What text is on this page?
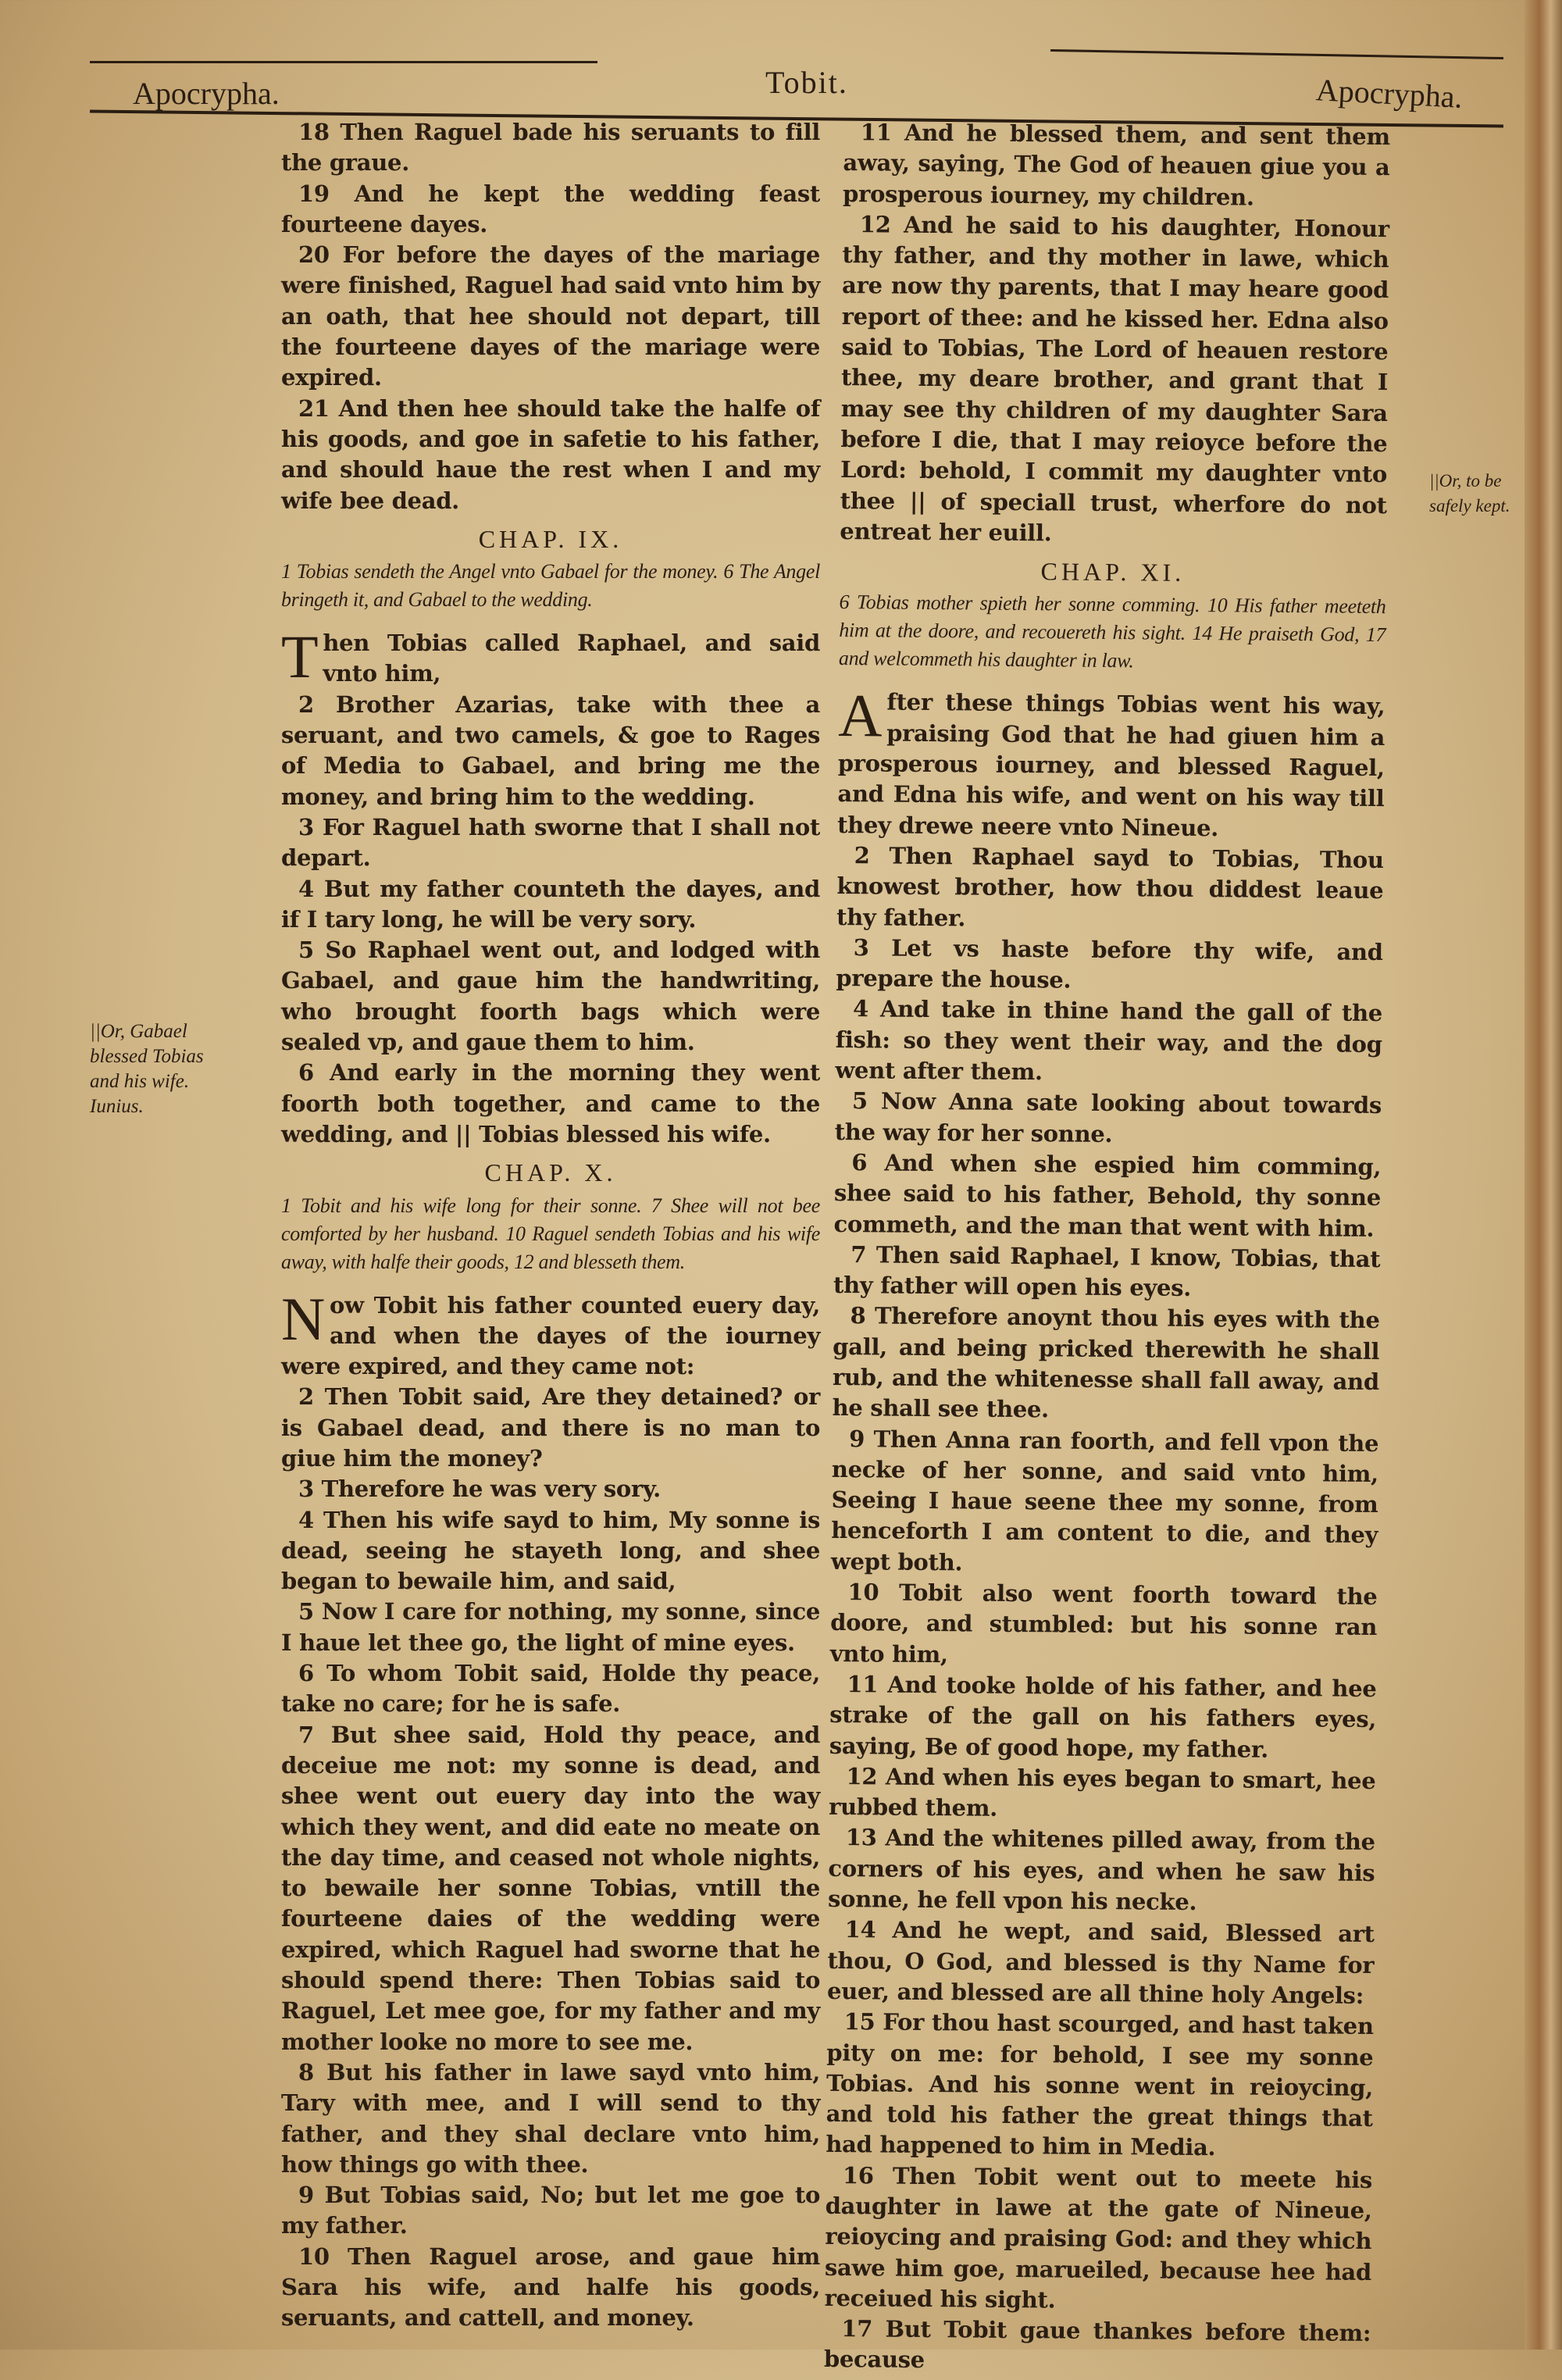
Apocrypha.	Tobit.	Apocrypha.
||Or, Gabael blessed Tobias and his wife. Iunius.
||Or, to be safely kept.

18 Then Raguel bade his seruants to fill the graue.

19 And he kept the wedding feast fourteene dayes.

20 For before the dayes of the mariage were finished, Raguel had said vnto him by an oath, that hee should not depart, till the fourteene dayes of the mariage were expired.

21 And then hee should take the halfe of his goods, and goe in safetie to his father, and should haue the rest when I and my wife bee dead.

CHAP. IX.
1 Tobias sendeth the Angel vnto Gabael for the money. 6 The Angel bringeth it, and Gabael to the wedding.

Then Tobias called Raphael, and said vnto him,

2 Brother Azarias, take with thee a seruant, and two camels, & goe to Rages of Media to Gabael, and bring me the money, and bring him to the wedding.

3 For Raguel hath sworne that I shall not depart.

4 But my father counteth the dayes, and if I tary long, he will be very sory.

5 So Raphael went out, and lodged with Gabael, and gaue him the handwriting, who brought foorth bags which were sealed vp, and gaue them to him.

6 And early in the morning they went foorth both together, and came to the wedding, and || Tobias blessed his wife.

CHAP. X.
1 Tobit and his wife long for their sonne. 7 Shee will not bee comforted by her husband. 10 Raguel sendeth Tobias and his wife away, with halfe their goods, 12 and blesseth them.

Now Tobit his father counted euery day, and when the dayes of the iourney were expired, and they came not:

2 Then Tobit said, Are they detained? or is Gabael dead, and there is no man to giue him the money?

3 Therefore he was very sory.

4 Then his wife sayd to him, My sonne is dead, seeing he stayeth long, and shee began to bewaile him, and said,

5 Now I care for nothing, my sonne, since I haue let thee go, the light of mine eyes.

6 To whom Tobit said, Holde thy peace, take no care; for he is safe.

7 But shee said, Hold thy peace, and deceiue me not: my sonne is dead, and shee went out euery day into the way which they went, and did eate no meate on the day time, and ceased not whole nights, to bewaile her sonne Tobias, vntill the fourteene daies of the wedding were expired, which Raguel had sworne that he should spend there: Then Tobias said to Raguel, Let mee goe, for my father and my mother looke no more to see me.

8 But his father in lawe sayd vnto him, Tary with mee, and I will send to thy father, and they shal declare vnto him, how things go with thee.

9 But Tobias said, No; but let me goe to my father.

10 Then Raguel arose, and gaue him Sara his wife, and halfe his goods, seruants, and cattell, and money.

11 And he blessed them, and sent them away, saying, The God of heauen giue you a prosperous iourney, my children.

12 And he said to his daughter, Honour thy father, and thy mother in lawe, which are now thy parents, that I may heare good report of thee: and he kissed her. Edna also said to Tobias, The Lord of heauen restore thee, my deare brother, and grant that I may see thy children of my daughter Sara before I die, that I may reioyce before the Lord: behold, I commit my daughter vnto thee || of speciall trust, wherfore do not entreat her euill.

CHAP. XI.
6 Tobias mother spieth her sonne comming. 10 His father meeteth him at the doore, and recouereth his sight. 14 He praiseth God, 17 and welcommeth his daughter in law.

After these things Tobias went his way, praising God that he had giuen him a prosperous iourney, and blessed Raguel, and Edna his wife, and went on his way till they drewe neere vnto Nineue.

2 Then Raphael sayd to Tobias, Thou knowest brother, how thou diddest leaue thy father.

3 Let vs haste before thy wife, and prepare the house.

4 And take in thine hand the gall of the fish: so they went their way, and the dog went after them.

5 Now Anna sate looking about towards the way for her sonne.

6 And when she espied him comming, shee said to his father, Behold, thy sonne commeth, and the man that went with him.

7 Then said Raphael, I know, Tobias, that thy father will open his eyes.

8 Therefore anoynt thou his eyes with the gall, and being pricked therewith he shall rub, and the whitenesse shall fall away, and he shall see thee.

9 Then Anna ran foorth, and fell vpon the necke of her sonne, and said vnto him, Seeing I haue seene thee my sonne, from henceforth I am content to die, and they wept both.

10 Tobit also went foorth toward the doore, and stumbled: but his sonne ran vnto him,

11 And tooke holde of his father, and hee strake of the gall on his fathers eyes, saying, Be of good hope, my father.

12 And when his eyes began to smart, hee rubbed them.

13 And the whitenes pilled away, from the corners of his eyes, and when he saw his sonne, he fell vpon his necke.

14 And he wept, and said, Blessed art thou, O God, and blessed is thy Name for euer, and blessed are all thine holy Angels:

15 For thou hast scourged, and hast taken pity on me: for behold, I see my sonne Tobias. And his sonne went in reioycing, and told his father the great things that had happened to him in Media.

16 Then Tobit went out to meete his daughter in lawe at the gate of Nineue, reioycing and praising God: and they which sawe him goe, marueiled, because hee had receiued his sight.

17 But Tobit gaue thankes before them: because
